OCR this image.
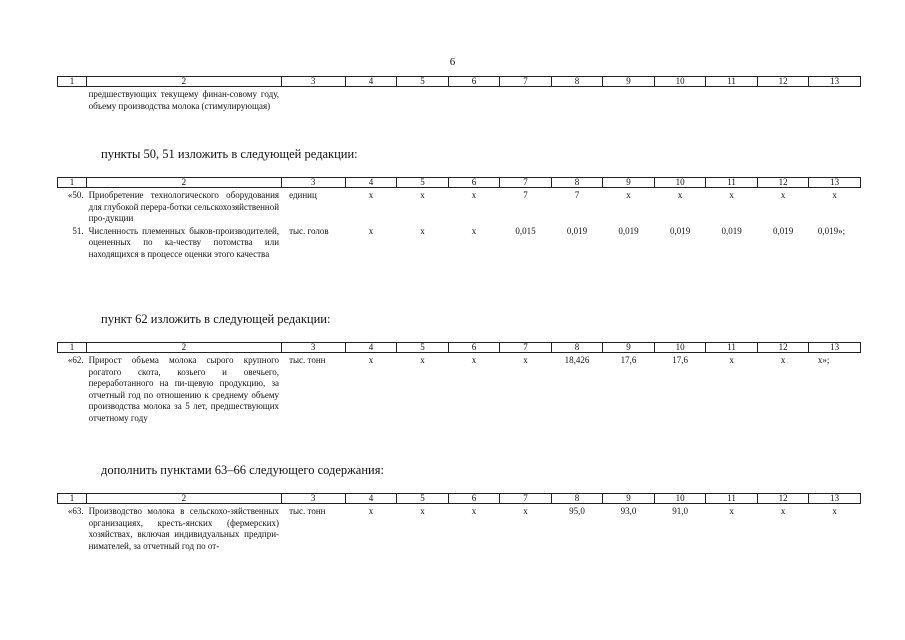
6
1	2	3	4	5	6	7	8	9	10	11	12	13
	предшествующих текущему финан-совому году, объему производства молока (стимулирующая)											
пункты 50, 51 изложить в следующей редакции:
1	2	3	4	5	6	7	8	9	10	11	12	13
«50.	Приобретение технологического оборудования для глубокой перера-ботки сельскохозяйственной про-дукции	единиц	х	х	х	7	7	х	х	х	х	х
51.	Численность племенных быков-производителей, оцененных по ка-честву потомства или находящихся в процессе оценки этого качества	тыс. голов	х	х	х	0,015	0,019	0,019	0,019	0,019	0,019	0,019»;
пункт 62 изложить в следующей редакции:
1	2	3	4	5	6	7	8	9	10	11	12	13
«62.	Прирост объема молока сырого крупного рогатого скота, козьего и овечьего, переработанного на пи-щевую продукцию, за отчетный год по отношению к среднему объему производства молока за 5 лет, предшествующих отчетному году	тыс. тонн	х	х	х	х	18,426	17,6	17,6	х	х	х»;
дополнить пунктами 63–66 следующего содержания:
1	2	3	4	5	6	7	8	9	10	11	12	13
«63.	Производство молока в сельскохо-зяйственных организациях, кресть-янских (фермерских) хозяйствах, включая индивидуальных предпри-нимателей, за отчетный год по от-	тыс. тонн	х	х	х	х	95,0	93,0	91,0	х	х	х
